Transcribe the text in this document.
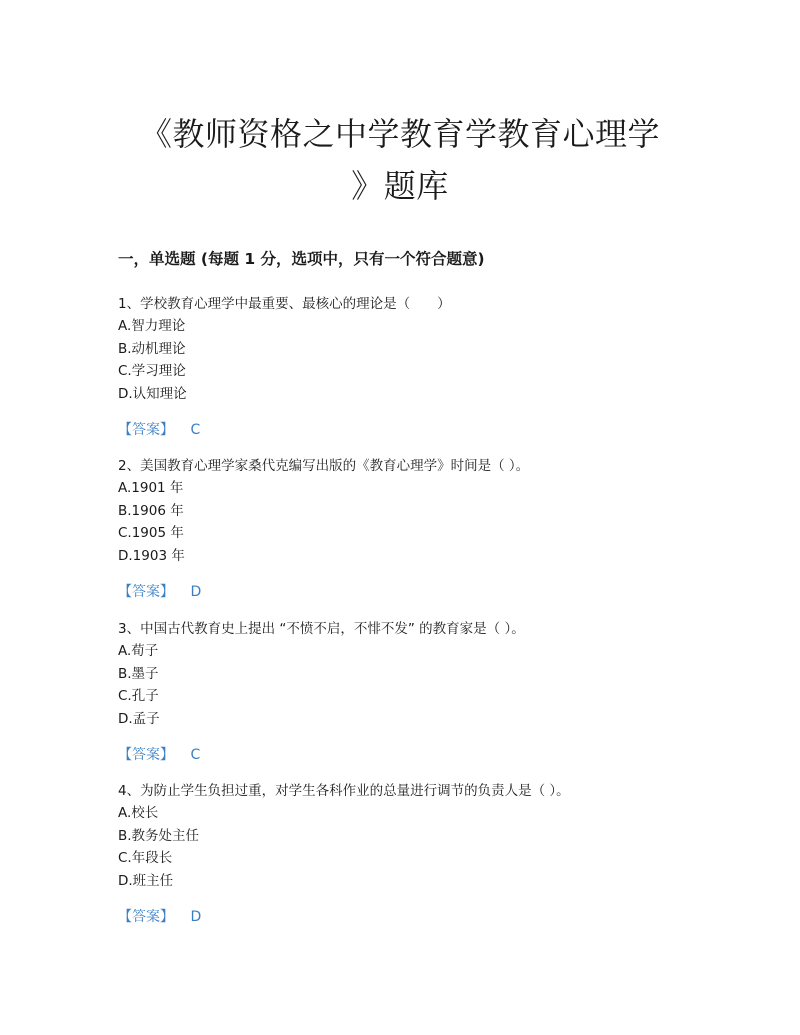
《教师资格之中学教育学教育心理学
》题库
一，单选题 (每题 1 分，选项中，只有一个符合题意)
1、学校教育心理学中最重要、最核心的理论是（　　）
A.智力理论
B.动机理论
C.学习理论
D.认知理论
【答案】 C
2、美国教育心理学家桑代克编写出版的《教育心理学》时间是（ ）。
A.1901 年
B.1906 年
C.1905 年
D.1903 年
【答案】 D
3、中国古代教育史上提出 “不愤不启，不悱不发” 的教育家是（ ）。
A.荀子
B.墨子
C.孔子
D.孟子
【答案】 C
4、为防止学生负担过重，对学生各科作业的总量进行调节的负责人是（ ）。
A.校长
B.教务处主任
C.年段长
D.班主任
【答案】 D
